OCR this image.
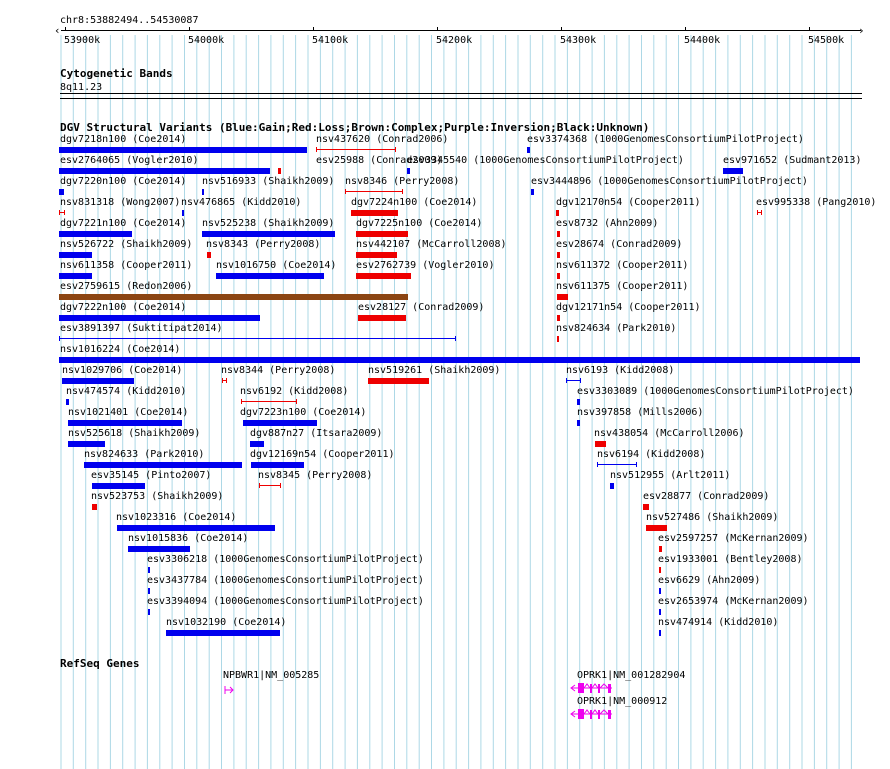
chr8:53882494..54530087
‹	›
53900k	54000k	54100k	54200k	54300k	54400k	54500k
Cytogenetic Bands
8q11.23
DGV Structural Variants (Blue:Gain;Red:Loss;Brown:Complex;Purple:Inversion;Black:Unknown)
dgv7218n100 (Coe2014)	nsv437620 (Conrad2006)	esv3374368 (1000GenomesConsortiumPilotProject)
esv2764065 (Vogler2010)	esv25988 (Conrad2009)
esv3345540 (1000GenomesConsortiumPilotProject)	esv971652 (Sudmant2013)
dgv7220n100 (Coe2014) nsv516933 (Shaikh2009) nsv8346 (Perry2008)	esv3444896 (1000GenomesConsortiumPilotProject)
nsv831318 (Wong2007) nsv476865 (Kidd2010)	dgv7224n100 (Coe2014)	dgv12170n54 (Cooper2011)	esv995338 (Pang2010)
dgv7221n100 (Coe2014) nsv525238 (Shaikh2009) dgv7225n100 (Coe2014)	esv8732 (Ahn2009)
nsv526722 (Shaikh2009) nsv8343 (Perry2008)	nsv442107 (McCarroll2008)	esv28674 (Conrad2009)
nsv611358 (Cooper2011) nsv1016750 (Coe2014) esv2762739 (Vogler2010)	nsv611372 (Cooper2011)
esv2759615 (Redon2006)	nsv611375 (Cooper2011)
dgv7222n100 (Coe2014)	esv28127 (Conrad2009)	dgv12171n54 (Cooper2011)
esv3891397 (Suktitipat2014)	nsv824634 (Park2010)
nsv1016224 (Coe2014)
nsv1029706 (Coe2014)	nsv8344 (Perry2008)	nsv519261 (Shaikh2009)	nsv6193 (Kidd2008)
nsv474574 (Kidd2010)	nsv6192 (Kidd2008)	esv3303089 (1000GenomesConsortiumPilotProject)
nsv1021401 (Coe2014)	dgv7223n100 (Coe2014)	nsv397858 (Mills2006)
nsv525618 (Shaikh2009)	dgv887n27 (Itsara2009)	nsv438054 (McCarroll2006)
nsv824633 (Park2010)	dgv12169n54 (Cooper2011)	nsv6194 (Kidd2008)
esv35145 (Pinto2007)	nsv8345 (Perry2008)	nsv512955 (Arlt2011)
nsv523753 (Shaikh2009)	esv28877 (Conrad2009)
nsv1023316 (Coe2014)	nsv527486 (Shaikh2009)
nsv1015836 (Coe2014)	esv2597257 (McKernan2009)
esv3306218 (1000GenomesConsortiumPilotProject)	esv1933001 (Bentley2008)
esv3437784 (1000GenomesConsortiumPilotProject)	esv6629 (Ahn2009)
esv3394094 (1000GenomesConsortiumPilotProject)	esv2653974 (McKernan2009)
nsv1032190 (Coe2014)	nsv474914 (Kidd2010)
RefSeq Genes
NPBWR1|NM_005285	OPRK1|NM_001282904
OPRK1|NM_000912
